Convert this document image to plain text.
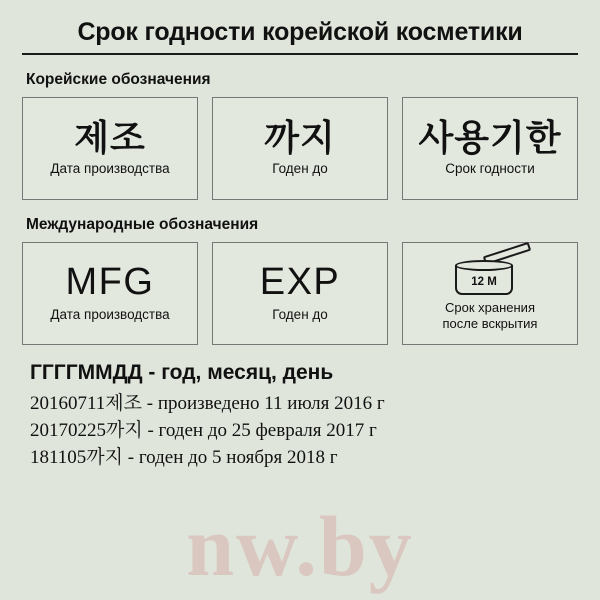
nw.by
Срок годности корейской косметики
Корейские обозначения
제조
Дата производства
까지
Годен до
사용기한
Срок годности
Международные обозначения
MFG
Дата производства
EXP
Годен до
12 M
Срок хранения
после вскрытия
ГГГГММДД - год, месяц, день
20160711제조 - произведено 11 июля 2016 г
20170225까지 - годен до 25 февраля 2017 г
181105까지 - годен до 5 ноября 2018 г
